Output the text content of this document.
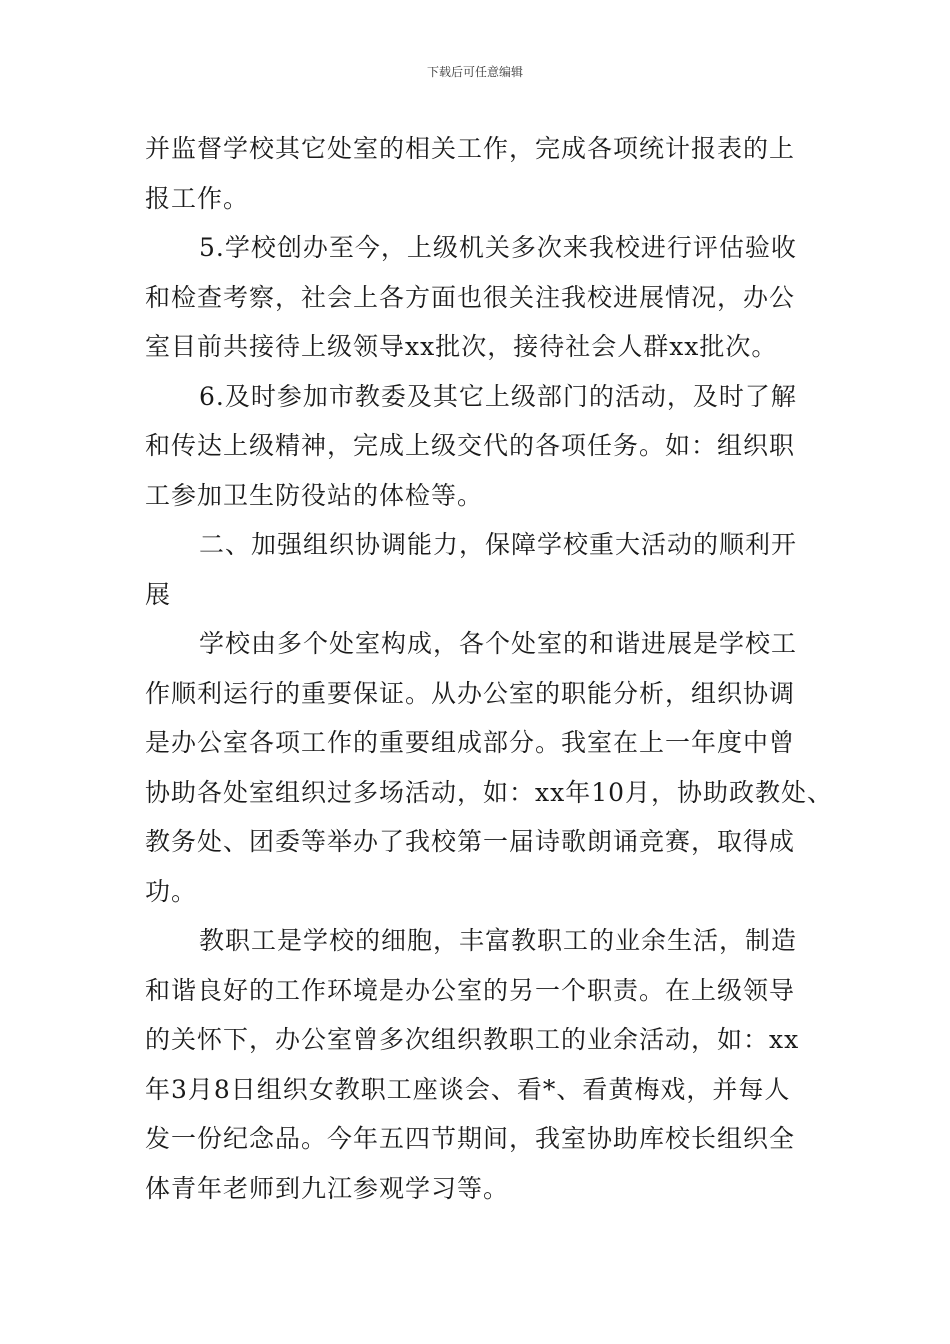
下载后可任意编辑
并监督学校其它处室的相关工作，完成各项统计报表的上
报工作。
5.学校创办至今，上级机关多次来我校进行评估验收
和检查考察，社会上各方面也很关注我校进展情况，办公
室目前共接待上级领导xx批次，接待社会人群xx批次。
6.及时参加市教委及其它上级部门的活动，及时了解
和传达上级精神，完成上级交代的各项任务。如：组织职
工参加卫生防役站的体检等。
二、加强组织协调能力，保障学校重大活动的顺利开
展
学校由多个处室构成，各个处室的和谐进展是学校工
作顺利运行的重要保证。从办公室的职能分析，组织协调
是办公室各项工作的重要组成部分。我室在上一年度中曾
协助各处室组织过多场活动，如：xx年10月，协助政教处、
教务处、团委等举办了我校第一届诗歌朗诵竞赛，取得成
功。
教职工是学校的细胞，丰富教职工的业余生活，制造
和谐良好的工作环境是办公室的另一个职责。在上级领导
的关怀下，办公室曾多次组织教职工的业余活动，如：xx
年3月8日组织女教职工座谈会、看*、看黄梅戏，并每人
发一份纪念品。今年五四节期间，我室协助库校长组织全
体青年老师到九江参观学习等。
